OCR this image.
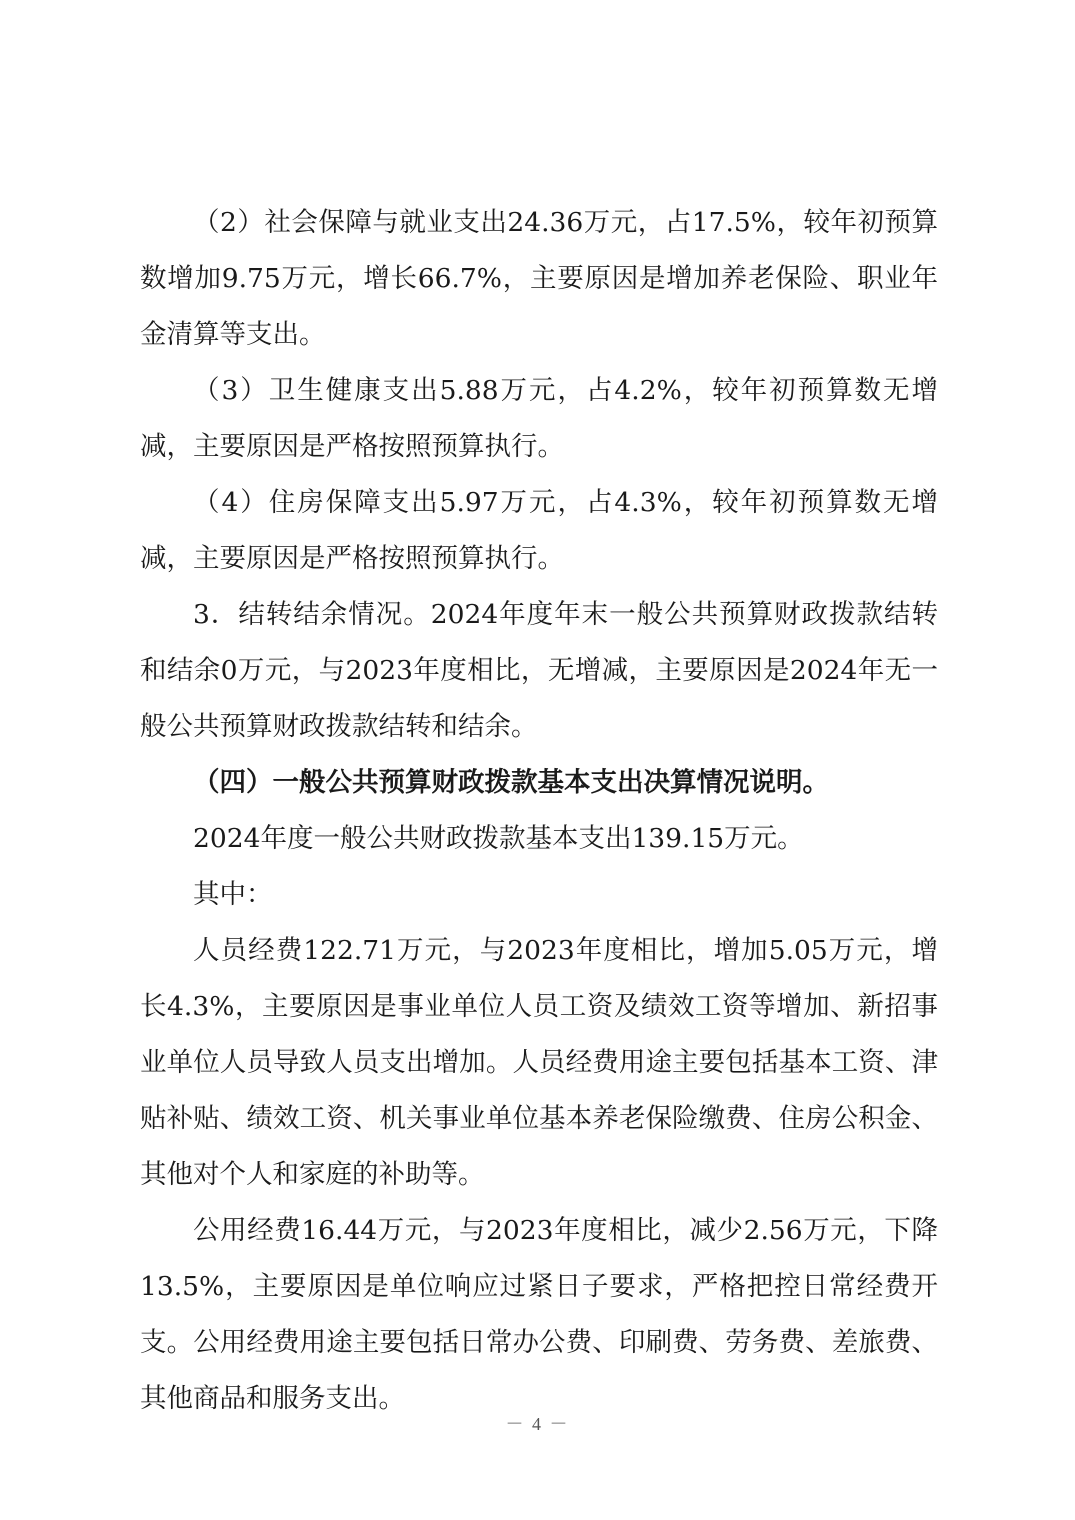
（2）社会保障与就业支出24.36万元，占17.5%，较年初预算数增加9.75万元，增长66.7%，主要原因是增加养老保险、职业年金清算等支出。

（3）卫生健康支出5.88万元，占4.2%，较年初预算数无增减，主要原因是严格按照预算执行。

（4）住房保障支出5.97万元，占4.3%，较年初预算数无增减，主要原因是严格按照预算执行。

3．结转结余情况。2024年度年末一般公共预算财政拨款结转和结余0万元，与2023年度相比，无增减，主要原因是2024年无一般公共预算财政拨款结转和结余。

（四）一般公共预算财政拨款基本支出决算情况说明。

2024年度一般公共财政拨款基本支出139.15万元。

其中：

人员经费122.71万元，与2023年度相比，增加5.05万元，增长4.3%，主要原因是事业单位人员工资及绩效工资等增加、新招事业单位人员导致人员支出增加。人员经费用途主要包括基本工资、津贴补贴、绩效工资、机关事业单位基本养老保险缴费、住房公积金、其他对个人和家庭的补助等。

公用经费16.44万元，与2023年度相比，减少2.56万元，下降13.5%，主要原因是单位响应过紧日子要求，严格把控日常经费开支。公用经费用途主要包括日常办公费、印刷费、劳务费、差旅费、其他商品和服务支出。

－ 4 －
